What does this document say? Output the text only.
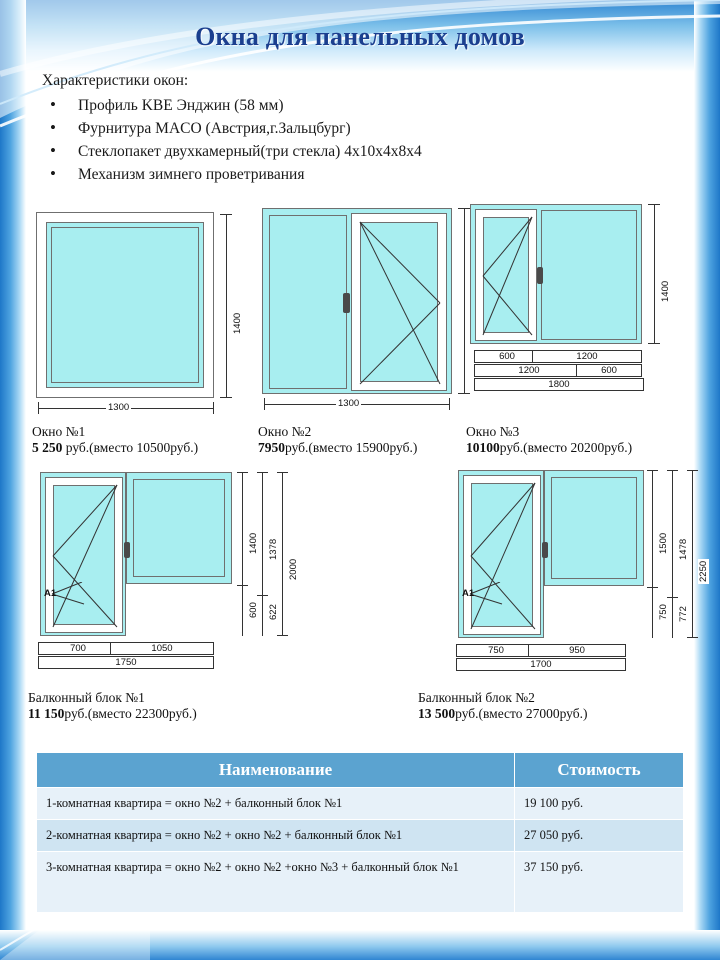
Окна для панельных домов
Характеристики окон:
• Профиль KBE Энджин (58 мм)
• Фурнитура MACO (Австрия,г.Зальцбург)
• Стеклопакет двухкамерный(три стекла) 4х10х4х8х4
• Механизм зимнего проветривания
1400
1300
Окно №1
5 250 руб.(вместо 10500руб.)
1300
Окно №2
7950руб.(вместо 15900руб.)
1400
600	1200
1200	600
1800
Окно №3
10100руб.(вместо 20200руб.)
A1
1400 1378
2000
600 622
700	1050
1750
Балконный блок №1
11 150руб.(вместо 22300руб.)
A1
1500 1478
2250
750 772
750	950
1700
Балконный блок №2
13 500руб.(вместо 27000руб.)
Наименование	Стоимость
1-комнатная квартира = окно №2 + балконный блок №1	19 100 руб.
2-комнатная квартира = окно №2 + окно №2 + балконный блок №1	27 050 руб.
3-комнатная квартира = окно №2 + окно №2 +окно №3 + балконный блок №1	37 150 руб.
